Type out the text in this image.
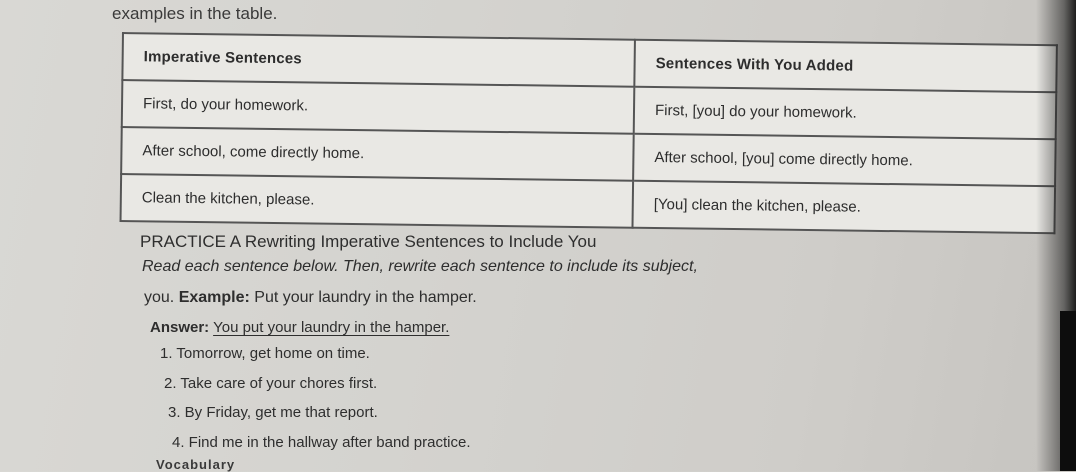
examples in the table.
Imperative Sentences	Sentences With You Added
First, do your homework.	First, [you] do your homework.
After school, come directly home.	After school, [you] come directly home.
Clean the kitchen, please.	[You] clean the kitchen, please.
PRACTICE A Rewriting Imperative Sentences to Include You
Read each sentence below. Then, rewrite each sentence to include its subject,
you. Example: Put your laundry in the hamper.
Answer: You put your laundry in the hamper.
1. Tomorrow, get home on time.
2. Take care of your chores first.
3. By Friday, get me that report.
4. Find me in the hallway after band practice.
Vocabulary
